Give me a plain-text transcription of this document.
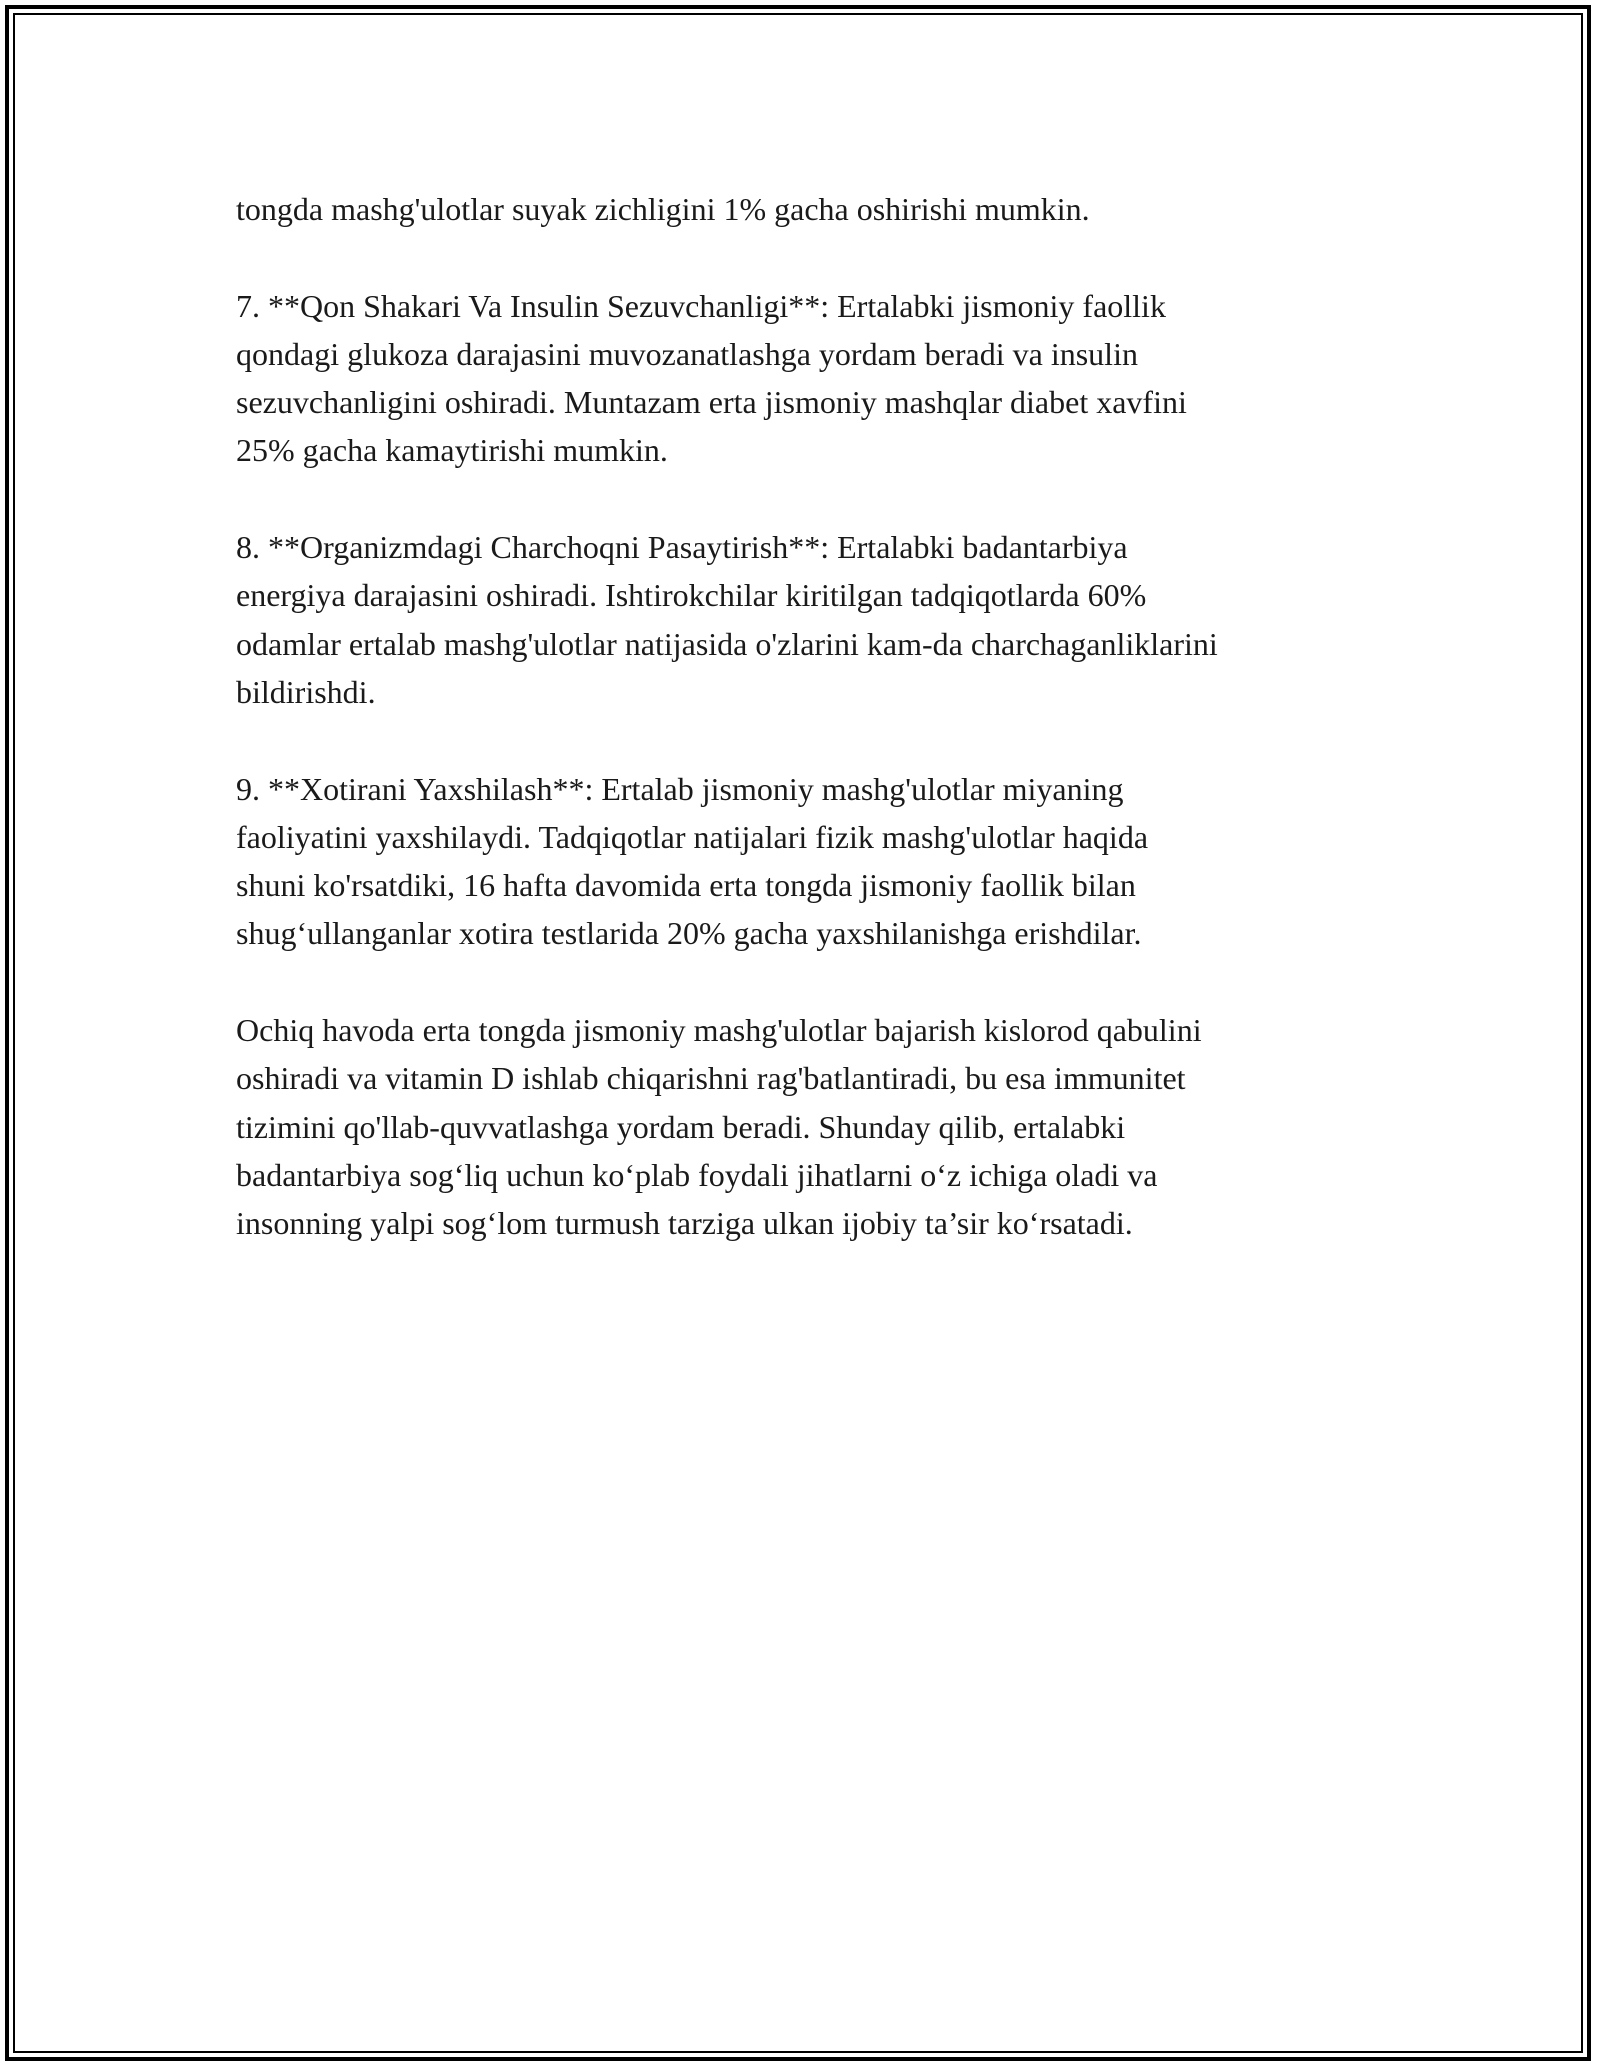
tongda mashg'ulotlar suyak zichligini 1% gacha oshirishi mumkin.

7. **Qon Shakari Va Insulin Sezuvchanligi**: Ertalabki jismoniy faollik
qondagi glukoza darajasini muvozanatlashga yordam beradi va insulin
sezuvchanligini oshiradi. Muntazam erta jismoniy mashqlar diabet xavfini
25% gacha kamaytirishi mumkin.

8. **Organizmdagi Charchoqni Pasaytirish**: Ertalabki badantarbiya
energiya darajasini oshiradi. Ishtirokchilar kiritilgan tadqiqotlarda 60%
odamlar ertalab mashg'ulotlar natijasida o'zlarini kam-da charchaganliklarini
bildirishdi.

9. **Xotirani Yaxshilash**: Ertalab jismoniy mashg'ulotlar miyaning
faoliyatini yaxshilaydi. Tadqiqotlar natijalari fizik mashg'ulotlar haqida
shuni ko'rsatdiki, 16 hafta davomida erta tongda jismoniy faollik bilan
shug‘ullanganlar xotira testlarida 20% gacha yaxshilanishga erishdilar.

Ochiq havoda erta tongda jismoniy mashg'ulotlar bajarish kislorod qabulini
oshiradi va vitamin D ishlab chiqarishni rag'batlantiradi, bu esa immunitet
tizimini qo'llab-quvvatlashga yordam beradi. Shunday qilib, ertalabki
badantarbiya sog‘liq uchun ko‘plab foydali jihatlarni o‘z ichiga oladi va
insonning yalpi sog‘lom turmush tarziga ulkan ijobiy ta’sir ko‘rsatadi.
